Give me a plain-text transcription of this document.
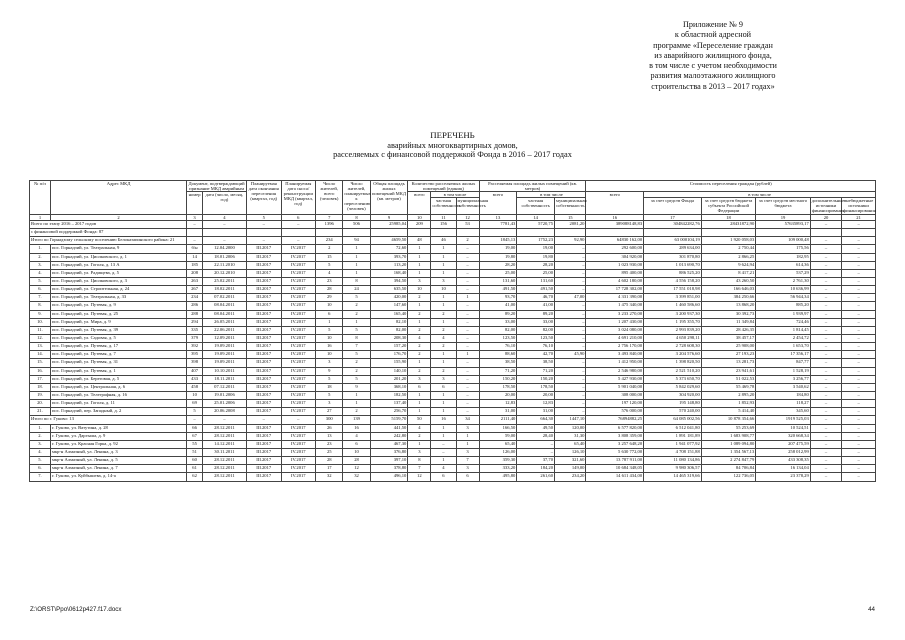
Приложение № 9
к областной адресной
программе «Переселение граждан
из аварийного жилищного фонда,
в том числе с учетом необходимости
развития малоэтажного жилищного
строительства в 2013 – 2017 годах»
ПЕРЕЧЕНЬ
аварийных многоквартирных домов,
расселяемых с финансовой поддержкой Фонда в 2016 – 2017 годах
№ п/п	Адрес МКД	Документ, подтверждающий признание МКД аварийным		Планируемая дата окончания переселения (квартал, год)	Планируемая дата сноса/реконструкции МКД (квартал, год)	Число жителей, всего (человек)	Число жителей, планируемых к переселению (человек)	Общая площадь жилых помещений МКД (кв. метров)	Количество расселяемых жилых помещений (единиц)			Расселяемая площадь жилых помещений (кв. метров)			Стоимость переселения граждан (рублей)					
		номер	дата (число, месяц, год)						всего	в том числе		всего	в том числе		всего	в том числе				
										частная собственность	муниципальная собственность		частная собственность	муниципальная собственность		за счет средств Фонда	за счет средств бюджета субъекта Российской Федерации	за счет средств местного бюджета	дополнительные источники финансирования	внебюджетные источники финансирования
1	2	3	4	5	6	7	8	9	10	11	12	13	14	15	16	17	18	19	20	21
Всего по этапу 2016 – 2017 годов		–	–	–	–	1396	506	25985,04	209	156	53	7781,43	5720,75	2081,20	389088148,83	304842282,76	28431872,90	57635893,17	–	–
с финансовой поддержкой Фонда: 87																				
Итого по Горнадзому сельскому поселению Белоказапинского района: 21		–	–	–	–	234	94	4659,50	48	46	2	1845,13	1752,23	92,90	64830 162,00	63 000104,19	1 920 058,03	109 000,48	–	–
1.	пос. Горнадзий, ул. Театральная, 9	б/н	12.04.2000	III.2017	IV.2017	2	1	72,60	1	1	–	19,00	19,00	–	292 600,00	289 634,00	2 750,44	175,56	–	–
2.	пос. Горнадзий, ул. Циолковского, д. 1	14	18.01.2006	III.2017	IV.2017	15	1	393,70	1	1	–	19,80	19,80	–	304 920,00	301 870,80	2 866,25	182,95	–	–
3.	пос. Горнадзий, ул. Гоголя, д. 13 А	185	22.11.2010	III.2017	IV.2017	5	1	113,20	1	1	–	28,20	28,20	–	1 023 930,00	1 013 690,70	9 624,94	614,36	–	–
4.	пос. Горнадзий, ул. Радищева, д. 5	208	20.12.2010	III.2017	IV.2017	4	1	168,40	1	1	–	25,00	25,00	–	895 400,00	886 525,20	8 417,21	537,29	–	–
5.	пос. Горнадзий, ул. Циолковского, д. 3	263	25.02.2011	III.2017	IV.2017	23	8	394,50	3	3	–	131,60	131,60	–	4 602 180,00	4 556 158,20	43 260,50	2 761,30	–	–
6.	пос. Горнадзий, ул. Строительная, д. 24	267	18.02.2011	III.2017	IV.2017	28	24	635,50	10	10	–	491,50	491,50	–	17 728 302,00	17 551 018,98	166 646,03	10 636,99	–	–
7.	пос. Горнадзий, ул. Театральная, д. 33	234	07.02.2011	III.2017	IV.2017	29	5	420,00	2	1	1	93,70	46,70	47,00	4 331 390,00	3 399 851,00	384 250,66	56 944,34	–	–
8.	пос. Горнадзий, ул. Путевая, д. 9	286	08.04.2011	III.2017	IV.2017	10	2	147,60	1	1	–	41,00	41,00	–	1 475 340,00	1 460 586,60	13 868,20	885,20	–	–
9.	пос. Горнадзий, ул. Путевая, д. 25	288	08.04.2011	III.2017	IV.2017	6	2	165,40	2	2	–	89,20	89,20	–	3 233 270,00	3 200 937,30	30 392,73	1 939,97	–	–
10.	пос. Горнадзий, ул. Мира, д. 9	294	26.05.2011	III.2017	IV.2017	1	1	82,10	1	1	–	33,00	33,00	–	1 207 430,00	1 195 355,70	11 349,84	724,46	–	–
11.	пос. Горнадзий, ул. Путевая, д. 39	335	22.06.2011	III.2017	IV.2017	5	5	82,00	2	2	–	82,00	82,00	–	3 024 080,00	2 993 839,20	28 426,35	1 814,45	–	–
12.	пос. Горнадзий, ул. Садовая, д. 5	379	12.09.2011	III.2017	IV.2017	10	8	208,30	4	4	–	123,50	123,50	–	4 691 210,00	4 650 298,11	38 457,17	2 454,72	–	–
13.	пос. Горнадзий, ул. Путевая, д. 17	392	19.09.2011	III.2017	IV.2017	16	7	157,20	2	2	–	76,10	76,10	–	2 756 170,00	2 728 608,30	25 908,00	1 653,70	–	–
14.	пос. Горнадзий, ул. Путевая, д. 7	395	19.09.2011	III.2017	IV.2017	10	5	176,70	2	1	1	88,60	42,70	45,90	3 493 840,00	3 204 576,60	27 193,23	17 356,17	–	–
15.	пос. Горнадзий, ул. Путевая, д. 31	398	19.09.2011	III.2017	IV.2017	3	2	155,90	1	1	–	38,50	38,50	–	1 412 950,00	1 398 820,50	13 281,73	847,77	–	–
16.	пос. Горнадзий, ул. Путевая, д. 1	407	10.10.2011	III.2017	IV.2017	9	2	140,10	2	2	–	71,20	71,20	–	2 546 980,00	2 521 510,20	23 941,61	1 528,19	–	–
17.	пос. Горнадзий, ул. Береговая, д. 5	433	18.11.2011	III.2017	IV.2017	5	5	201,20	3	3	–	150,20	150,20	–	5 427 930,00	5 373 650,70	51 022,53	3 256,77	–	–
18.	пос. Горнадзий, ул. Центральная, д. 6	458	07.12.2011	III.2017	IV.2017	18	9	368,10	6	6	–	178,50	178,50	–	5 901 040,00	5 842 029,60	55 469,78	3 540,62	–	–
19.	пос. Горнадзий, ул. Телеграфная, д. 16	10	19.01.2006	III.2017	IV.2017	5	1	182,50	1	1	–	20,00	20,00	–	308 000,00	304 920,00	2 895,20	184,80	–	–
20.	пос. Горнадзий, ул. Гоголя, д. 11	69	25.01.2006	III.2017	IV.2017	3	1	137,40	1	1	–	12,83	12,83	–	197 120,00	195 148,80	1 852,93	118,27	–	–
21.	пос. Горнадзий, пер. Западный, д. 2	5	20.06.2008	III.2017	IV.2017	27	2	256,70	1	1	–	31,00	31,00	–	576 000,00	570 240,00	5 414,40	345,60	–	–
Итого по г. Гуково: 13		–	–	–	–	300	139	5159,70	50	16	34	2111,40	664,30	1447,10	76894882,25	64 085 002,56	10 878 354,66	1919 525,03	–	–
1.	г. Гуково, ул. Ватутина, д. 28	66	28.12.2011	III.2017	IV.2017	26	16	441,50	4	1	3	166,50	49,50	120,00	6 577 820,00	6 512 041,80	55 253,69	10 524,51	–	–
2.	г. Гуково, ул. Даргыша, д. 9	67	28.12.2011	III.2017	IV.2017	13	4	242,80	2	1	1	59,00	28,40	31,30	3 808 359,00	1 891 181,89	1 683 908,77	320 668,34	–	–
3.	г. Гуково, ул. Красная Горка, д. 92	55	14.12.2011	III.2017	IV.2017	23	6	467,30	1	–	1	65,40	–	65,40	3 257 648,20	1 941 077,92	1 089 094,80	207 475,59	–	–
4.	мкр-н Алмазный, ул. Ленина, д. 3	51	30.11.2011	III.2017	IV.2017	25	10	376,80	3	–	3	126,00	–	126,10	5 630 772,00	4 708 151,88	1 354 567,13	258 012,99	–	–
5.	мкр-н Алмазный, ул. Ленина, д. 5	60	28.12.2011	III.2017	IV.2017	28	28	397,10	8	1	7	359,30	37,70	321,60	13 787 911,00	11 080 134,86	2 274 847,79	433 308,35	–	–
6.	мкр-н Алмазный, ул. Ленина, д. 7	61	28.12.2011	III.2017	IV.2017	17	12	378,80	7	4	3	333,20	184,20	149,00	10 684 348,05	9 980 306,57	84 706,84	16 134,04	–	–
7.	г. Гуково, ул. Куйбышева, д. 14-а	62	28.12.2011	III.2017	IV.2017	32	32	496,10	12	6	6	495,80	261,60	234,20	14 611 434,00	14 465 319,66	122 736,05	23 378,29	–	–
Z:\ORST\Ppo\0612p427.f17.docx	44
